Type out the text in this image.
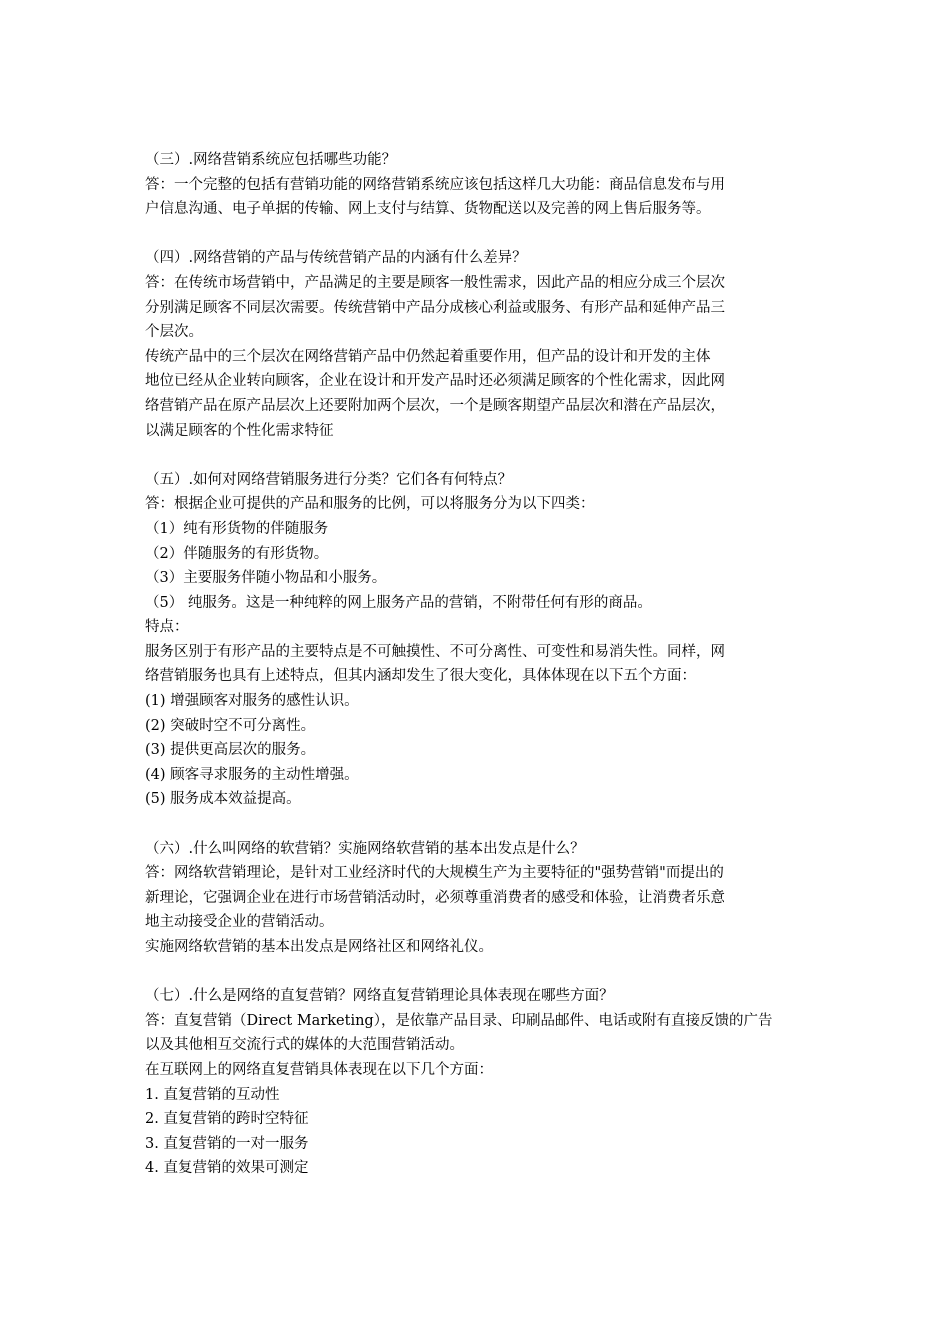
（三）.网络营销系统应包括哪些功能？
答：一个完整的包括有营销功能的网络营销系统应该包括这样几大功能：商品信息发布与用
户信息沟通、电子单据的传输、网上支付与结算、货物配送以及完善的网上售后服务等。
（四）.网络营销的产品与传统营销产品的内涵有什么差异？
答：在传统市场营销中，产品满足的主要是顾客一般性需求，因此产品的相应分成三个层次
分别满足顾客不同层次需要。传统营销中产品分成核心利益或服务、有形产品和延伸产品三
个层次。
传统产品中的三个层次在网络营销产品中仍然起着重要作用，但产品的设计和开发的主体
地位已经从企业转向顾客，企业在设计和开发产品时还必须满足顾客的个性化需求，因此网
络营销产品在原产品层次上还要附加两个层次，一个是顾客期望产品层次和潜在产品层次，
以满足顾客的个性化需求特征
（五）.如何对网络营销服务进行分类？它们各有何特点？
答：根据企业可提供的产品和服务的比例，可以将服务分为以下四类：
（1）纯有形货物的伴随服务
（2）伴随服务的有形货物。
（3）主要服务伴随小物品和小服务。
（5） 纯服务。这是一种纯粹的网上服务产品的营销，不附带任何有形的商品。
特点：
服务区别于有形产品的主要特点是不可触摸性、不可分离性、可变性和易消失性。同样，网
络营销服务也具有上述特点，但其内涵却发生了很大变化，具体体现在以下五个方面：
(1) 增强顾客对服务的感性认识。
(2) 突破时空不可分离性。
(3) 提供更高层次的服务。
(4) 顾客寻求服务的主动性增强。
(5) 服务成本效益提高。
（六）.什么叫网络的软营销？实施网络软营销的基本出发点是什么？
答：网络软营销理论，是针对工业经济时代的大规模生产为主要特征的"强势营销"而提出的
新理论，它强调企业在进行市场营销活动时，必须尊重消费者的感受和体验，让消费者乐意
地主动接受企业的营销活动。
实施网络软营销的基本出发点是网络社区和网络礼仪。
（七）.什么是网络的直复营销？网络直复营销理论具体表现在哪些方面？
答：直复营销（Direct Marketing），是依靠产品目录、印刷品邮件、电话或附有直接反馈的广告
以及其他相互交流行式的媒体的大范围营销活动。
在互联网上的网络直复营销具体表现在以下几个方面：
1. 直复营销的互动性
2. 直复营销的跨时空特征
3. 直复营销的一对一服务
4. 直复营销的效果可测定
